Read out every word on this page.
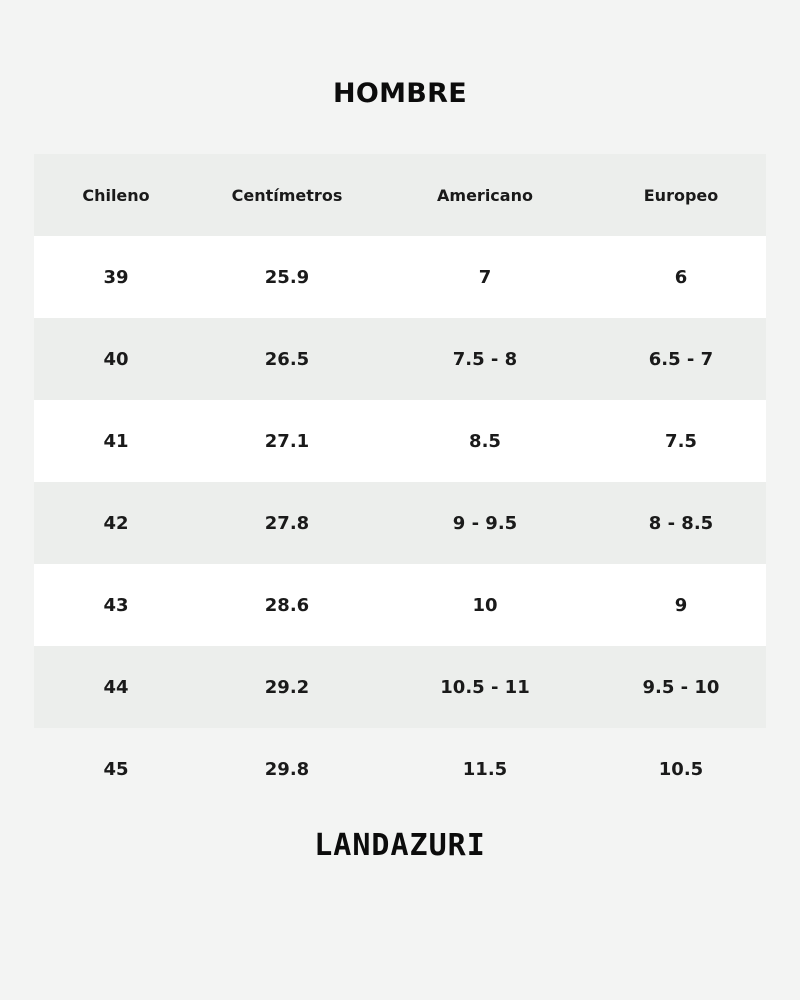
HOMBRE
Chileno	Centímetros	Americano	Europeo
39	25.9	7	6
40	26.5	7.5 - 8	6.5 - 7
41	27.1	8.5	7.5
42	27.8	9 - 9.5	8 - 8.5
43	28.6	10	9
44	29.2	10.5 - 11	9.5 - 10
45	29.8	11.5	10.5
LANDAZURI
